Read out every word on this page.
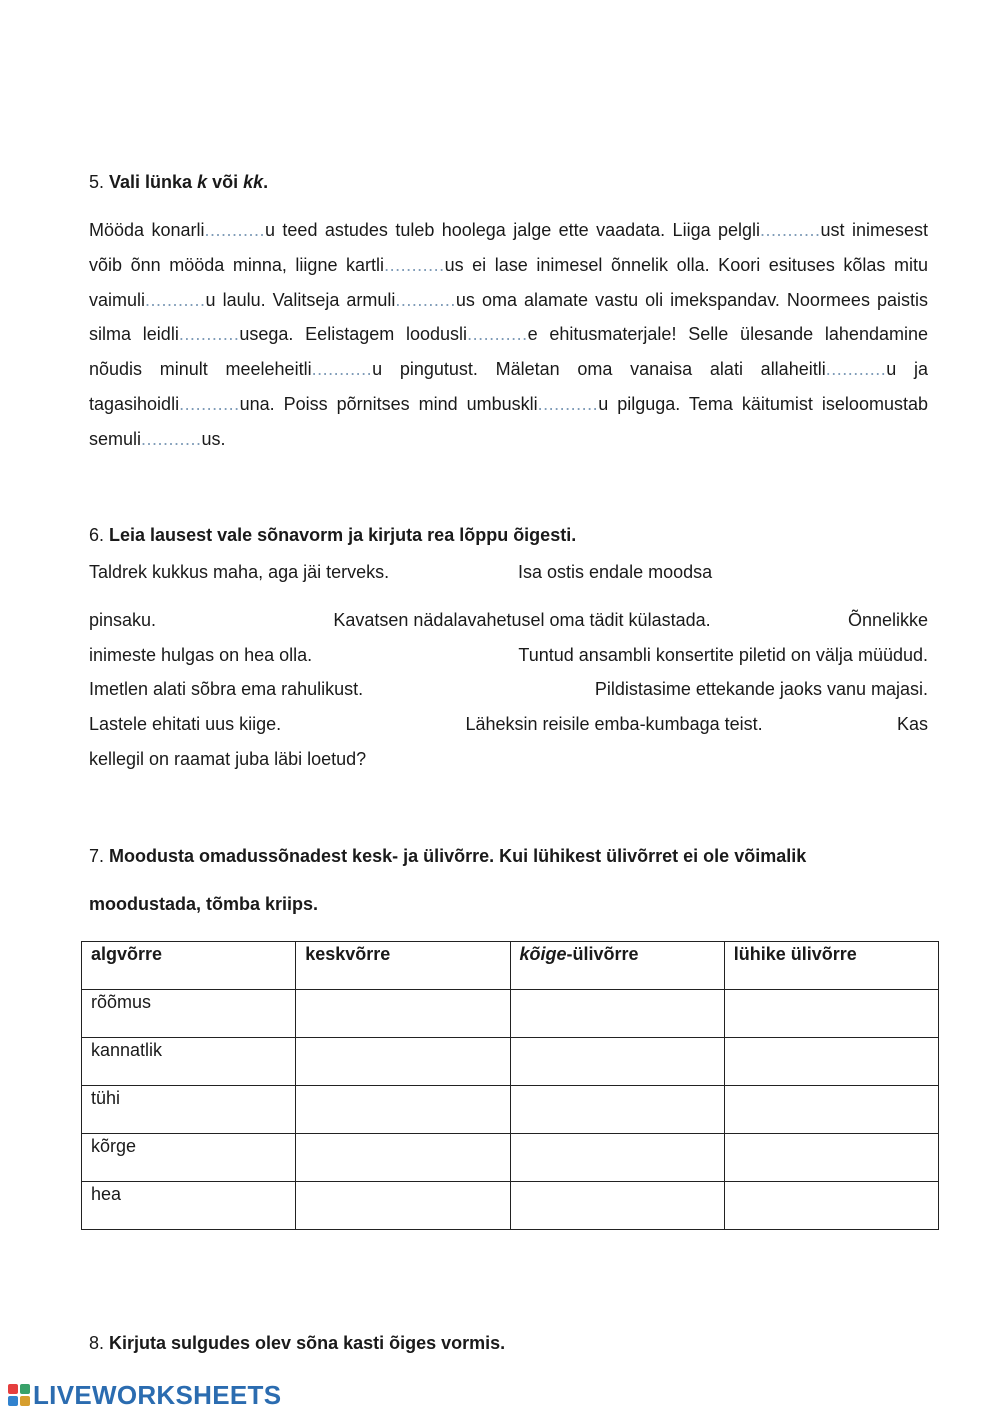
5. Vali lünka k või kk.

Mööda konarli...........u teed astudes tuleb hoolega jalge ette vaadata. Liiga pelgli...........ust inimesest võib õnn mööda minna, liigne kartli...........us ei lase inimesel õnnelik olla. Koori esituses kõlas mitu vaimuli...........u laulu. Valitseja armuli...........us oma alamate vastu oli imekspandav. Noormees paistis silma leidli...........usega. Eelistagem loodusli...........e ehitusmaterjale! Selle ülesande lahendamine nõudis minult meeleheitli...........u pingutust. Mäletan oma vanaisa alati allaheitli...........u ja tagasihoidli...........una. Poiss põrnitses mind umbuskli...........u pilguga. Tema käitumist iseloomustab semuli...........us.

6. Leia lausest vale sõnavorm ja kirjuta rea lõppu õigesti.
Taldrek kukkus maha, aga jäi terveks.	Isa ostis endale moodsa
pinsaku.	Kavatsen nädalavahetusel oma tädit külastada.	Õnnelikke
inimeste hulgas on hea olla.	Tuntud ansambli konsertite piletid on välja müüdud.
Imetlen alati sõbra ema rahulikust.	Pildistasime ettekande jaoks vanu majasi.
Lastele ehitati uus kiige.	Läheksin reisile emba-kumbaga teist.	Kas
kellegil on raamat juba läbi loetud?
7. Moodusta omadussõnadest kesk- ja ülivõrre. Kui lühikest ülivõrret ei ole võimalik
moodustada, tõmba kriips.
algvõrre	keskvõrre	kõige-ülivõrre	lühike ülivõrre
rõõmus			
kannatlik			
tühi			
kõrge			
hea			
8. Kirjuta sulgudes olev sõna kasti õiges vormis.
LIVEWORKSHEETS
